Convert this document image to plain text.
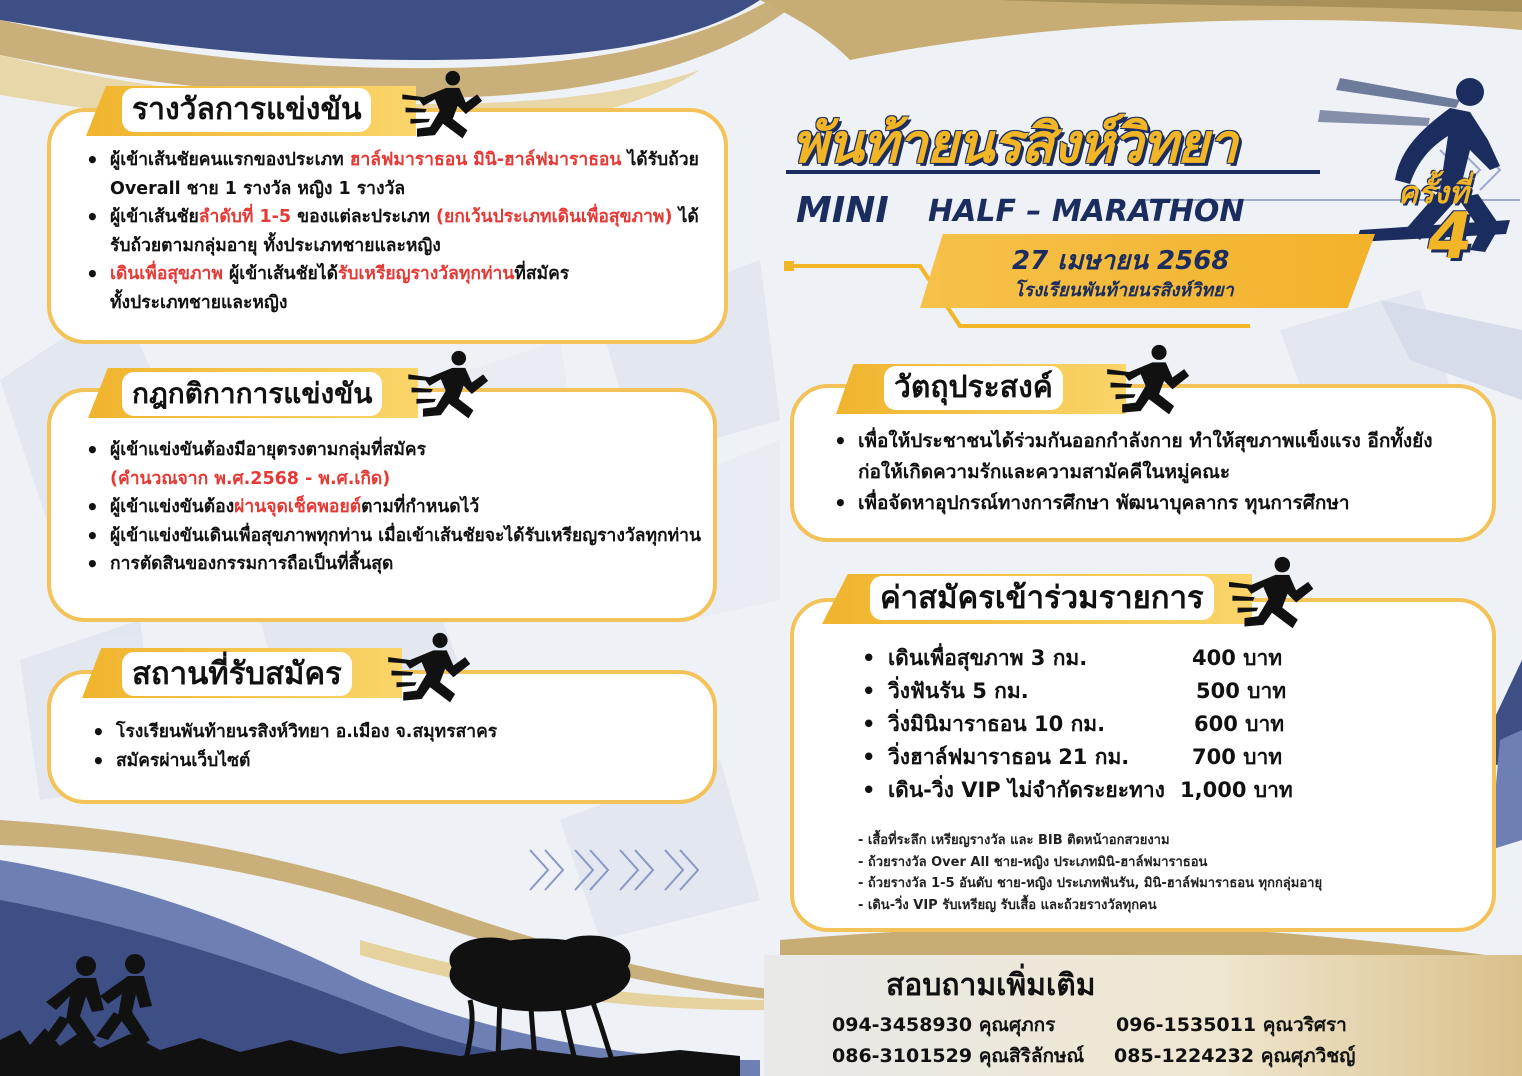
พันท้ายนรสิงห์วิทยา
MINI HALF – MARATHON
ครั้งที่
4
27 เมษายน 2568
โรงเรียนพันท้ายนรสิงห์วิทยา
รางวัลการแข่งขัน
• ผู้เข้าเส้นชัยคนแรกของประเภท ฮาล์ฟมาราธอน มินิ-ฮาล์ฟมาราธอน ได้รับถ้วย Overall ชาย 1 รางวัล หญิง 1 รางวัล
• ผู้เข้าเส้นชัยลำดับที่ 1-5 ของแต่ละประเภท (ยกเว้นประเภทเดินเพื่อสุขภาพ) ได้รับถ้วยตามกลุ่มอายุ ทั้งประเภทชายและหญิง
• เดินเพื่อสุขภาพ ผู้เข้าเส้นชัยได้รับเหรียญรางวัลทุกท่านที่สมัคร
ทั้งประเภทชายและหญิง
กฎกติกาการแข่งขัน
• ผู้เข้าแข่งขันต้องมีอายุตรงตามกลุ่มที่สมัคร
(คำนวณจาก พ.ศ.2568 - พ.ศ.เกิด)
• ผู้เข้าแข่งขันต้องผ่านจุดเช็คพอยต์ตามที่กำหนดไว้
• ผู้เข้าแข่งขันเดินเพื่อสุขภาพทุกท่าน เมื่อเข้าเส้นชัยจะได้รับเหรียญรางวัลทุกท่าน
• การตัดสินของกรรมการถือเป็นที่สิ้นสุด
สถานที่รับสมัคร
• โรงเรียนพันท้ายนรสิงห์วิทยา อ.เมือง จ.สมุทรสาคร
• สมัครผ่านเว็บไซต์
วัตถุประสงค์
• เพื่อให้ประชาชนได้ร่วมกันออกกำลังกาย ทำให้สุขภาพแข็งแรง อีกทั้งยังก่อให้เกิดความรักและความสามัคคีในหมู่คณะ
• เพื่อจัดหาอุปกรณ์ทางการศึกษา พัฒนาบุคลากร ทุนการศึกษา
ค่าสมัครเข้าร่วมรายการ
• เดินเพื่อสุขภาพ 3 กม.	400 บาท
• วิ่งฟันรัน 5 กม.	500 บาท
• วิ่งมินิมาราธอน 10 กม.	600 บาท
• วิ่งฮาล์ฟมาราธอน 21 กม.	700 บาท
• เดิน-วิ่ง VIP ไม่จำกัดระยะทาง 1,000 บาท
- เสื้อที่ระลึก เหรียญรางวัล และ BIB ติดหน้าอกสวยงาม
- ถ้วยรางวัล Over All ชาย-หญิง ประเภทมินิ-ฮาล์ฟมาราธอน
- ถ้วยรางวัล 1-5 อันดับ ชาย-หญิง ประเภทฟันรัน, มินิ-ฮาล์ฟมาราธอน ทุกกลุ่มอายุ
- เดิน-วิ่ง VIP รับเหรียญ รับเสื้อ และถ้วยรางวัลทุกคน
สอบถามเพิ่มเติม
094-3458930 คุณศุภกร	096-1535011 คุณวริศรา
086-3101529 คุณสิริลักษณ์ 085-1224232 คุณศุภวิชญ์
